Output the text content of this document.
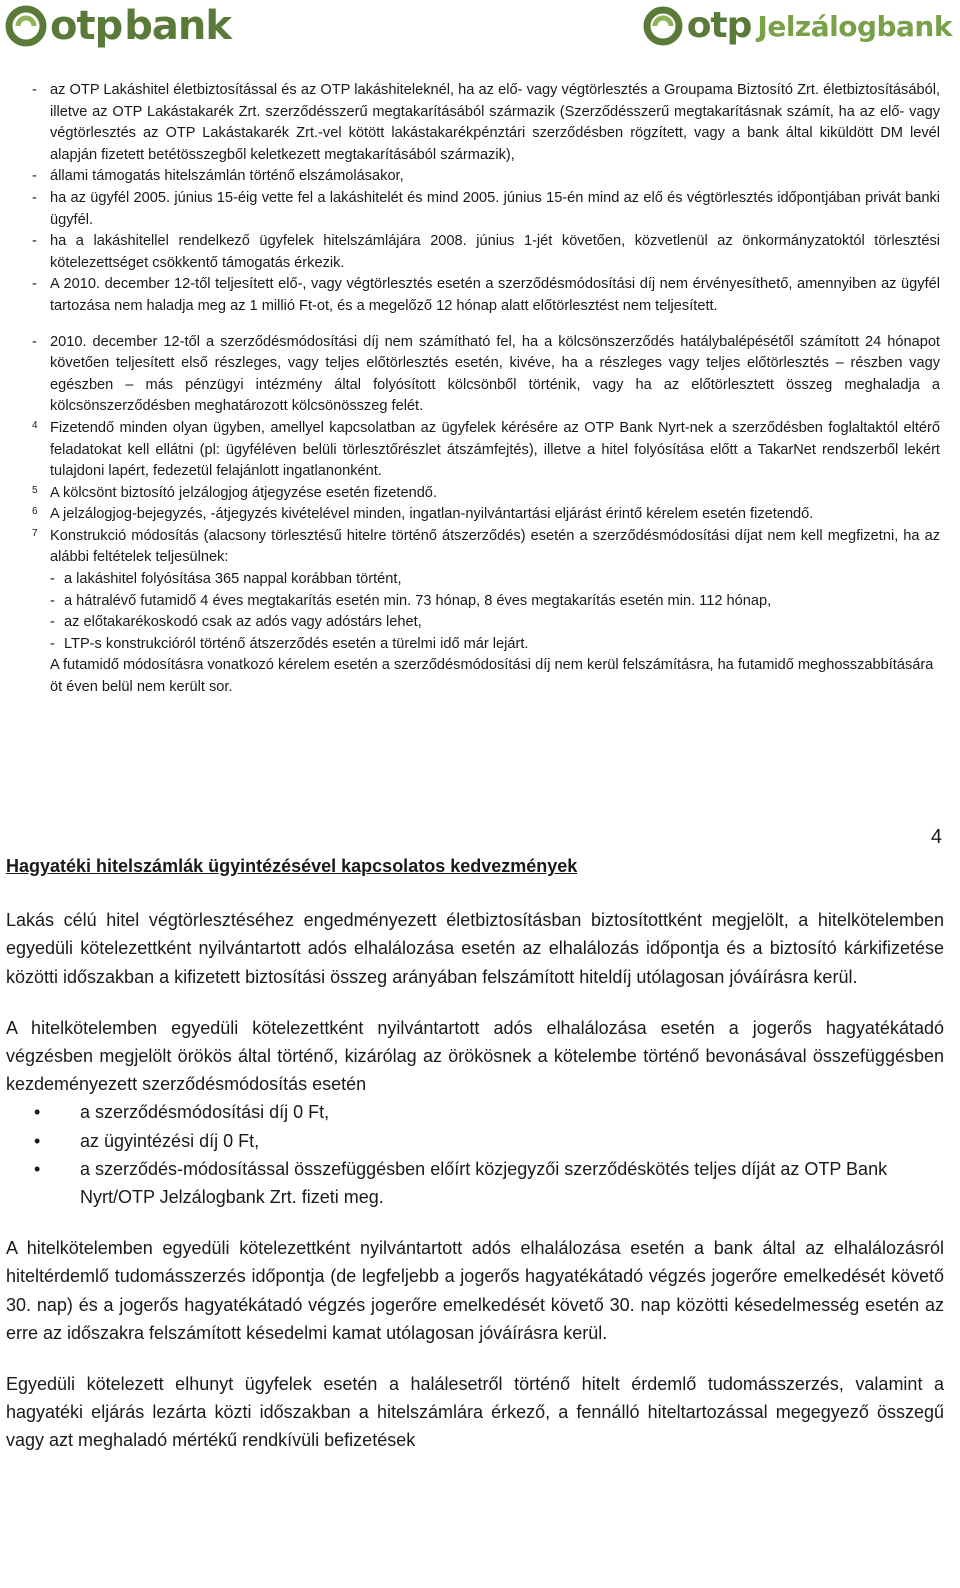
otp bank	otp Jelzálogbank
- az OTP Lakáshitel életbiztosítással és az OTP lakáshiteleknél, ha az elő- vagy végtörlesztés a Groupama Biztosító Zrt. életbiztosításából, illetve az OTP Lakástakarék Zrt. szerződésszerű megtakarításából származik (Szerződésszerű megtakarításnak számít, ha az elő- vagy végtörlesztés az OTP Lakástakarék Zrt.-vel kötött lakástakarékpénztári szerződésben rögzített, vagy a bank által kiküldött DM levél alapján fizetett betétösszegből keletkezett megtakarításából származik),
- állami támogatás hitelszámlán történő elszámolásakor,
- ha az ügyfél 2005. június 15-éig vette fel a lakáshitelét és mind 2005. június 15-én mind az elő és végtörlesztés időpontjában privát banki ügyfél.
- ha a lakáshitellel rendelkező ügyfelek hitelszámlájára 2008. június 1-jét követően, közvetlenül az önkormányzatoktól törlesztési kötelezettséget csökkentő támogatás érkezik.
- A 2010. december 12-től teljesített elő-, vagy végtörlesztés esetén a szerződésmódosítási díj nem érvényesíthető, amennyiben az ügyfél tartozása nem haladja meg az 1 millió Ft-ot, és a megelőző 12 hónap alatt előtörlesztést nem teljesített.
- 2010. december 12-től a szerződésmódosítási díj nem számítható fel, ha a kölcsönszerződés hatálybalépésétől számított 24 hónapot követően teljesített első részleges, vagy teljes előtörlesztés esetén, kivéve, ha a részleges vagy teljes előtörlesztés – részben vagy egészben – más pénzügyi intézmény által folyósított kölcsönből történik, vagy ha az előtörlesztett összeg meghaladja a kölcsönszerződésben meghatározott kölcsönösszeg felét.
4 Fizetendő minden olyan ügyben, amellyel kapcsolatban az ügyfelek kérésére az OTP Bank Nyrt-nek a szerződésben foglaltaktól eltérő feladatokat kell ellátni (pl: ügyféléven belüli törlesztőrészlet átszámfejtés), illetve a hitel folyósítása előtt a TakarNet rendszerből lekért tulajdoni lapért, fedezetül felajánlott ingatlanonként.
5 A kölcsönt biztosító jelzálogjog átjegyzése esetén fizetendő.
6 A jelzálogjog-bejegyzés, -átjegyzés kivételével minden, ingatlan-nyilvántartási eljárást érintő kérelem esetén fizetendő.
7 Konstrukció módosítás (alacsony törlesztésű hitelre történő átszerződés) esetén a szerződésmódosítási díjat nem kell megfizetni, ha az alábbi feltételek teljesülnek:
- a lakáshitel folyósítása 365 nappal korábban történt,
- a hátralévő futamidő 4 éves megtakarítás esetén min. 73 hónap, 8 éves megtakarítás esetén min. 112 hónap,
- az előtakarékoskodó csak az adós vagy adóstárs lehet,
- LTP-s konstrukcióról történő átszerződés esetén a türelmi idő már lejárt.
A futamidő módosításra vonatkozó kérelem esetén a szerződésmódosítási díj nem kerül felszámításra, ha futamidő meghosszabbítására öt éven belül nem került sor.
4
Hagyatéki hitelszámlák ügyintézésével kapcsolatos kedvezmények
Lakás célú hitel végtörlesztéséhez engedményezett életbiztosításban biztosítottként megjelölt, a hitelkötelemben egyedüli kötelezettként nyilvántartott adós elhalálozása esetén az elhalálozás időpontja és a biztosító kárkifizetése közötti időszakban a kifizetett biztosítási összeg arányában felszámított hiteldíj utólagosan jóváírásra kerül.
A hitelkötelemben egyedüli kötelezettként nyilvántartott adós elhalálozása esetén a jogerős hagyatékátadó végzésben megjelölt örökös által történő, kizárólag az örökösnek a kötelembe történő bevonásával összefüggésben kezdeményezett szerződésmódosítás esetén
•	a szerződésmódosítási díj 0 Ft,
•	az ügyintézési díj 0 Ft,
•	a szerződés-módosítással összefüggésben előírt közjegyzői szerződéskötés teljes díját az OTP Bank Nyrt/OTP Jelzálogbank Zrt. fizeti meg.
A hitelkötelemben egyedüli kötelezettként nyilvántartott adós elhalálozása esetén a bank által az elhalálozásról hiteltérdemlő tudomásszerzés időpontja (de legfeljebb a jogerős hagyatékátadó végzés jogerőre emelkedését követő 30. nap) és a jogerős hagyatékátadó végzés jogerőre emelkedését követő 30. nap közötti késedelmesség esetén az erre az időszakra felszámított késedelmi kamat utólagosan jóváírásra kerül.
Egyedüli kötelezett elhunyt ügyfelek esetén a halálesetről történő hitelt érdemlő tudomásszerzés, valamint a hagyatéki eljárás lezárta közti időszakban a hitelszámlára érkező, a fennálló hiteltartozással megegyező összegű vagy azt meghaladó mértékű rendkívüli befizetések
